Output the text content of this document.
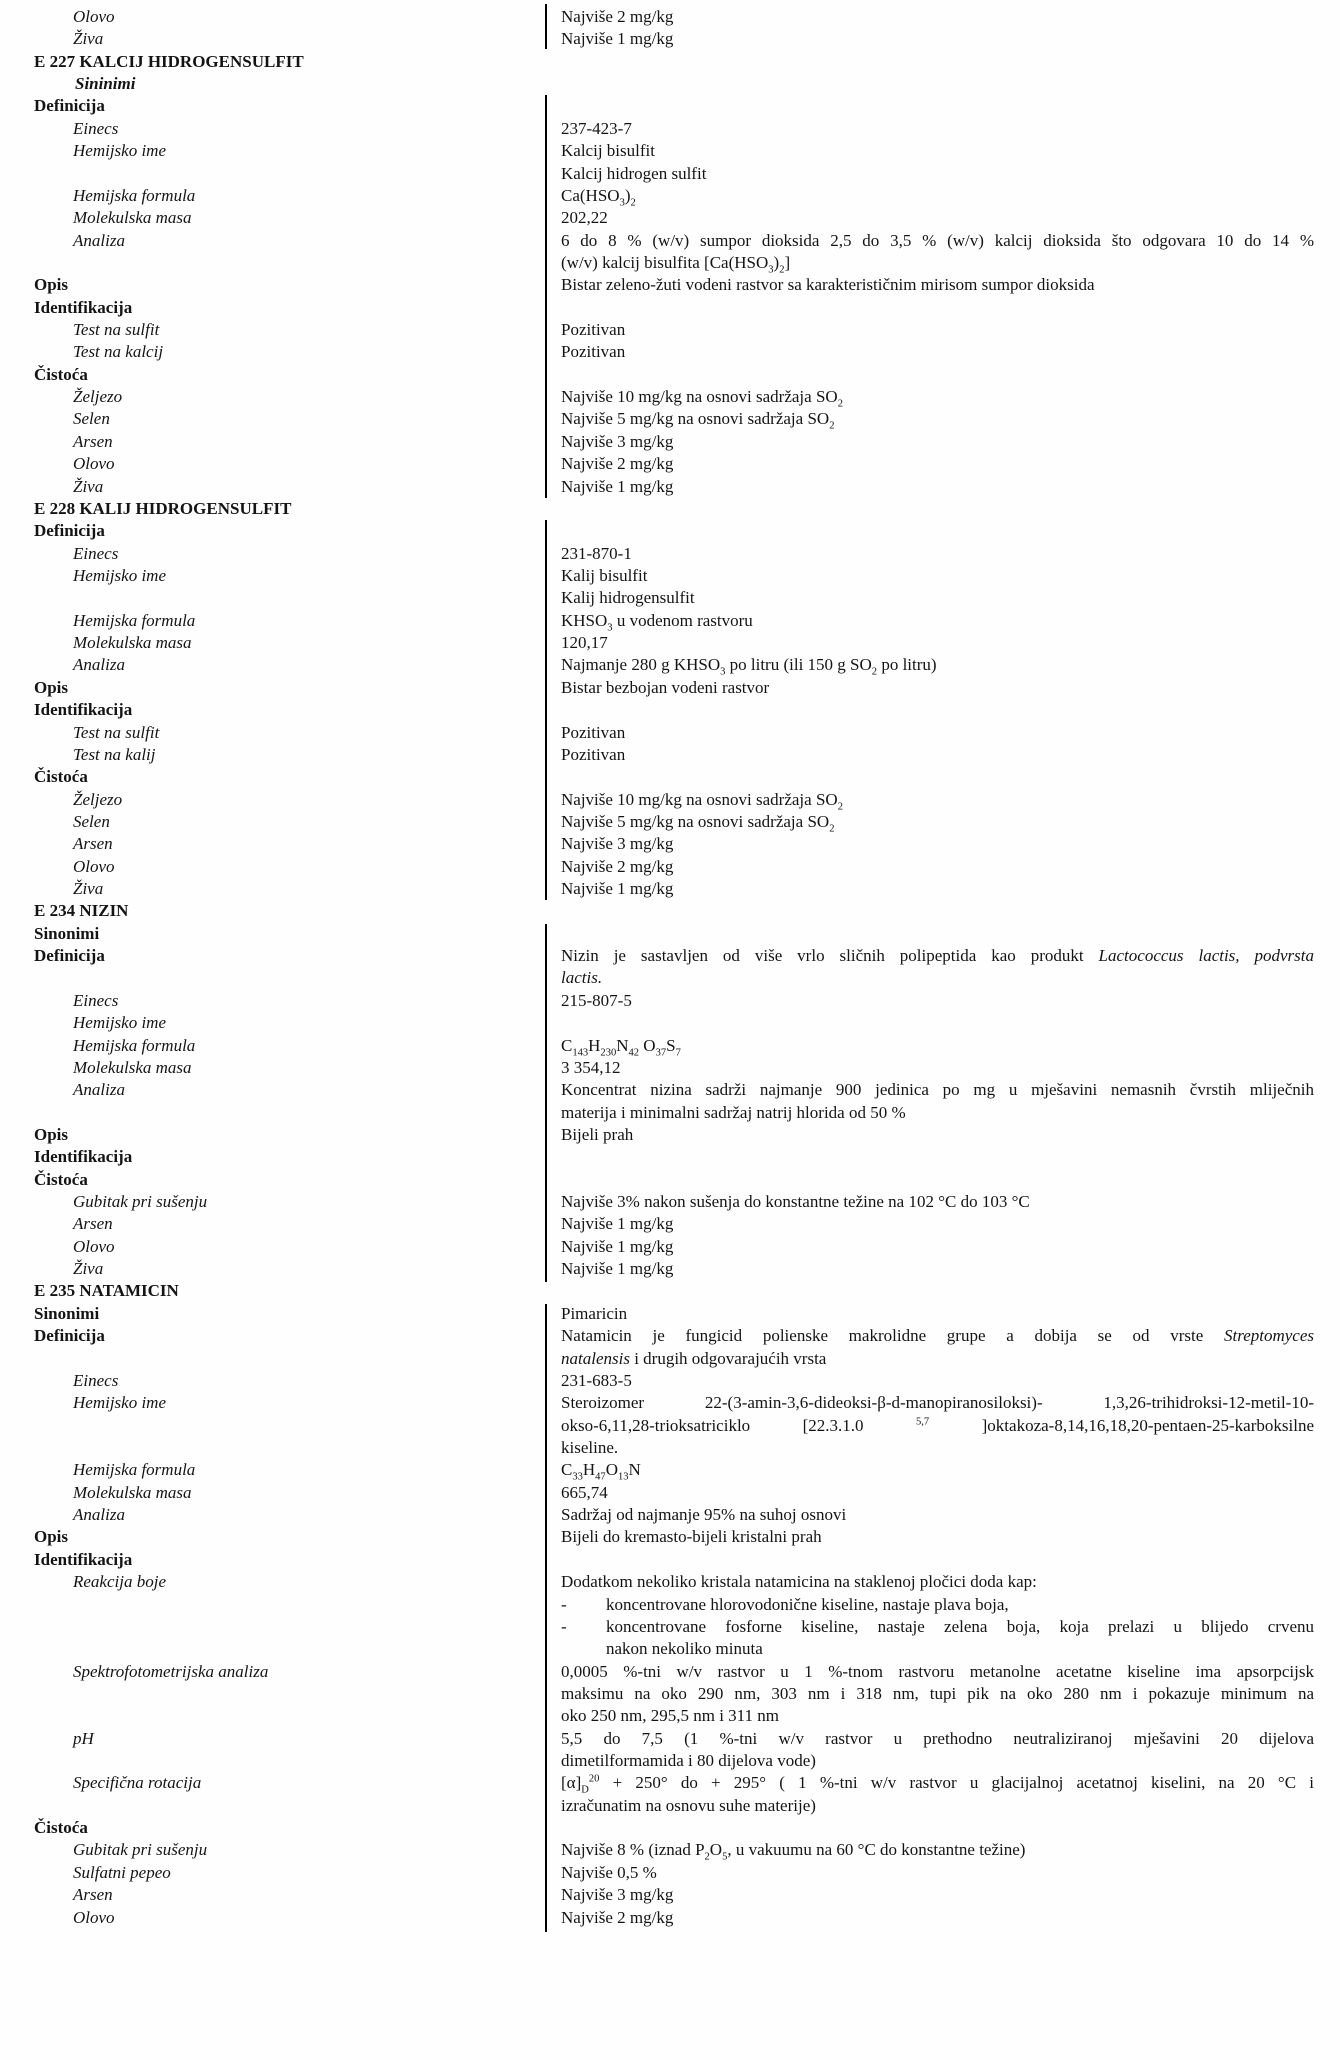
Olovo	Najviše 2 mg/kg
Živa	Najviše 1 mg/kg
E 227 KALCIJ HIDROGENSULFIT
Sininimi
Definicija
Einecs	237-423-7
Hemijsko ime	Kalcij bisulfit
Kalcij hidrogen sulfit
Hemijska formula	$Ca(HSO_3)_2$
Molekulska masa	202,22
Analiza	6 do 8 % (w/v) sumpor dioksida 2,5 do 3,5 % (w/v) kalcij dioksida što odgovara 10 do 14 %
(w/v) kalcij bisulfita $[Ca(HSO_3)_2]$
Opis	Bistar zeleno-žuti vodeni rastvor sa karakterističnim mirisom sumpor dioksida
Identifikacija
Test na sulfit	Pozitivan
Test na kalcij	Pozitivan
Čistoća
Željezo	Najviše 10 mg/kg na osnovi sadržaja $SO_2$
Selen	Najviše 5 mg/kg na osnovi sadržaja $SO_2$
Arsen	Najviše 3 mg/kg
Olovo	Najviše 2 mg/kg
Živa	Najviše 1 mg/kg
E 228 KALIJ HIDROGENSULFIT
Definicija
Einecs	231-870-1
Hemijsko ime	Kalij bisulfit
Kalij hidrogensulfit
Hemijska formula	$KHSO_3$ u vodenom rastvoru
Molekulska masa	120,17
Analiza	Najmanje 280 g $KHSO_3$ po litru (ili 150 g $SO_2$ po litru)
Opis	Bistar bezbojan vodeni rastvor
Identifikacija
Test na sulfit	Pozitivan
Test na kalij	Pozitivan
Čistoća
Željezo	Najviše 10 mg/kg na osnovi sadržaja $SO_2$
Selen	Najviše 5 mg/kg na osnovi sadržaja $SO_2$
Arsen	Najviše 3 mg/kg
Olovo	Najviše 2 mg/kg
Živa	Najviše 1 mg/kg
E 234 NIZIN
Sinonimi
Definicija	Nizin je sastavljen od više vrlo sličnih polipeptida kao produkt Lactococcus lactis, podvrsta
lactis.
Einecs	215-807-5
Hemijsko ime
Hemijska formula	$C_{143}H_{230}N_{42}$ $O_{37}S_7$
Molekulska masa	3 354,12
Analiza	Koncentrat nizina sadrži najmanje 900 jedinica po mg u mješavini nemasnih čvrstih mliječnih
materija i minimalni sadržaj natrij hlorida od 50 %
Opis	Bijeli prah
Identifikacija
Čistoća
Gubitak pri sušenju	Najviše 3% nakon sušenja do konstantne težine na 102 °C do 103 °C
Arsen	Najviše 1 mg/kg
Olovo	Najviše 1 mg/kg
Živa	Najviše 1 mg/kg
E 235 NATAMICIN
Sinonimi	Pimaricin
Definicija	Natamicin je fungicid polienske makrolidne grupe a dobija se od vrste Streptomyces
natalensis i drugih odgovarajućih vrsta
Einecs	231-683-5
Hemijsko ime	Steroizomer 22-(3-amin-3,6-dideoksi-β-d-manopiranosiloksi)- 1,3,26-trihidroksi-12-metil-10-
okso-6,11,28-trioksatriciklo [22.3.1.0 $^{5,7}$ ]oktakoza-8,14,16,18,20-pentaen-25-karboksilne
kiseline.
Hemijska formula	$C_{33}H_{47}O_{13}N$
Molekulska masa	665,74
Analiza	Sadržaj od najmanje 95% na suhoj osnovi
Opis	Bijeli do kremasto-bijeli kristalni prah
Identifikacija
Reakcija boje	Dodatkom nekoliko kristala natamicina na staklenoj pločici doda kap:
- koncentrovane hlorovodonične kiseline, nastaje plava boja,
- koncentrovane fosforne kiseline, nastaje zelena boja, koja prelazi u blijedo crvenu
nakon nekoliko minuta
Spektrofotometrijska analiza	0,0005 %-tni w/v rastvor u 1 %-tnom rastvoru metanolne acetatne kiseline ima apsorpcijsk
maksimu na oko 290 nm, 303 nm i 318 nm, tupi pik na oko 280 nm i pokazuje minimum na
oko 250 nm, 295,5 nm i 311 nm
pH	5,5 do 7,5 (1 %-tni w/v rastvor u prethodno neutraliziranoj mješavini 20 dijelova
dimetilformamida i 80 dijelova vode)
Specifična rotacija	$[\alpha]_D^{20} + 250^\circ$ do + 295° ( 1 %-tni w/v rastvor u glacijalnoj acetatnoj kiselini, na 20 °C i
izračunatim na osnovu suhe materije)
Čistoća
Gubitak pri sušenju	Najviše 8 % (iznad $P_2O_5$, u vakuumu na 60 °C do konstantne težine)
Sulfatni pepeo	Najviše 0,5 %
Arsen	Najviše 3 mg/kg
Olovo	Najviše 2 mg/kg
